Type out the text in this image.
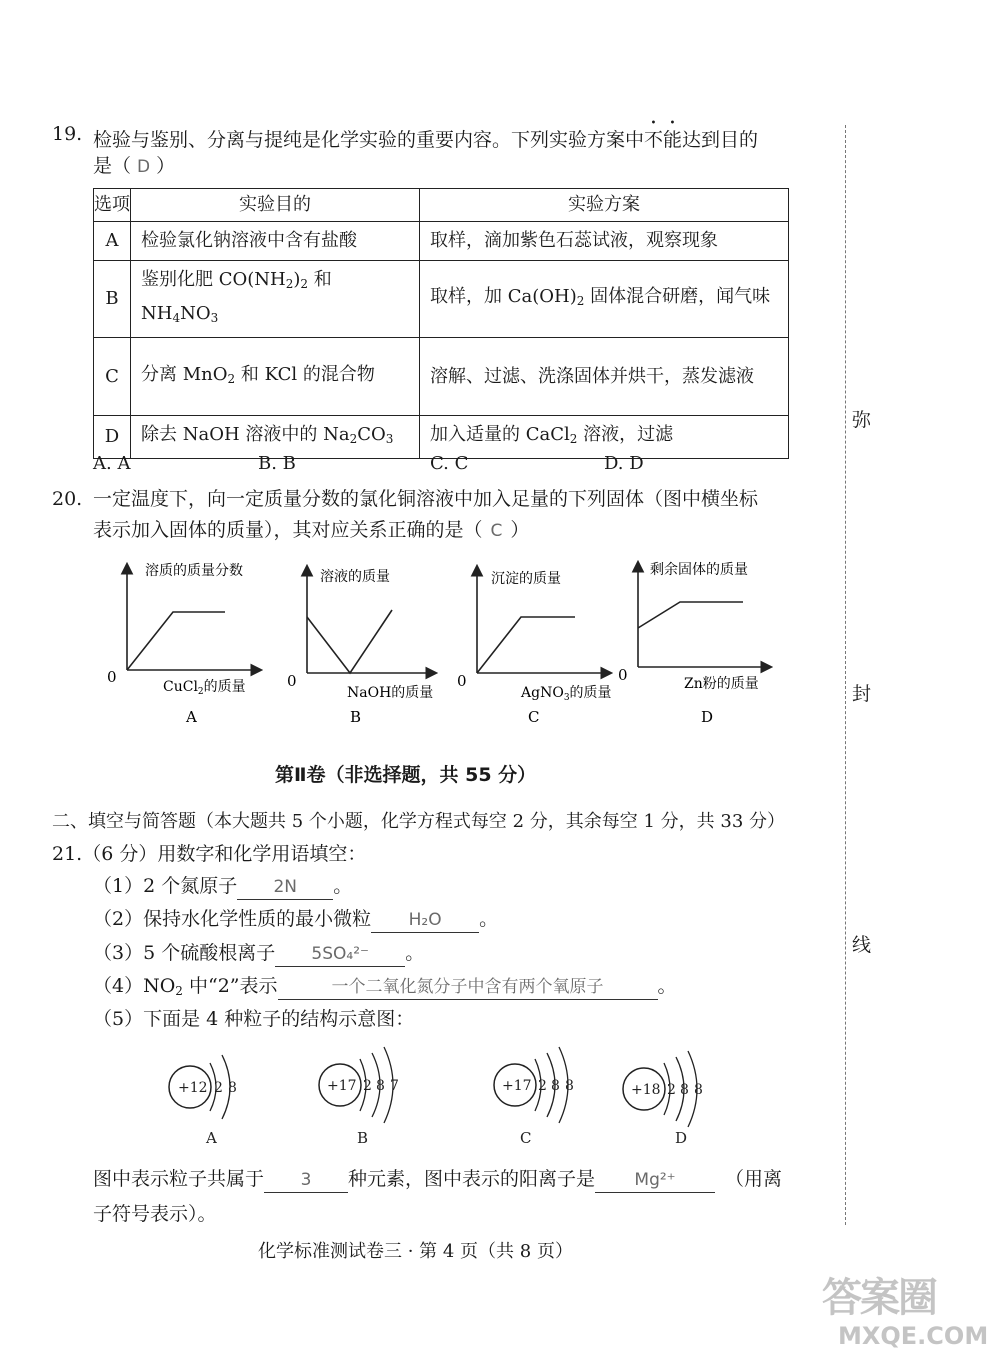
19. 检验与鉴别、分离与提纯是化学实验的重要内容。下列实验方案中不能达到目的
是（ D ）
选项	实验目的	实验方案
A	检验氯化钠溶液中含有盐酸	取样，滴加紫色石蕊试液，观察现象
B	鉴别化肥 $CO(NH_2)_2$ 和 $NH_4NO_3$	取样，加 $Ca(OH)_2$ 固体混合研磨，闻气味
C	分离 MnO$_2$ 和 KCl 的混合物	溶解、过滤、洗涤固体并烘干，蒸发滤液
D	除去 NaOH 溶液中的 $Na_2CO_3$	加入适量的 CaCl$_2$ 溶液，过滤
A. A	B. B	C. C	D. D
20. 一定温度下，向一定质量分数的氯化铜溶液中加入足量的下列固体（图中横坐标
表示加入固体的质量），其对应关系正确的是（ C ）
溶质的质量分数
0
CuCl$_2$的质量
A
溶液的质量
0
NaOH的质量
B
沉淀的质量
0
AgNO$_3$的质量
C
剩余固体的质量
0	Zn粉的质量
D
第Ⅱ卷（非选择题，共 55 分）
二、填空与简答题（本大题共 5 个小题，化学方程式每空 2 分，其余每空 1 分，共 33 分）
21.（6 分）用数字和化学用语填空：
（1）2 个氮原子 2N 。
（2）保持水化学性质的最小微粒 H₂O 。
（3）5 个硫酸根离子 5SO₄²⁻ 。
$(4)NO_2$ 中“2”表示	一个二氧化氮分子中含有两个氧原子	。
（5）下面是 4 种粒子的结构示意图：
+12 2 8
A
+17 2 8 7
B
+17 2 8 8
C
+18 2 8 8
D
图中表示粒子共属于 3 种元素，图中表示的阳离子是 Mg²⁺	（用离
子符号表示）。
化学标准测试卷三 · 第 4 页（共 8 页）
弥
封
线
答案圈
MXQE.COM
